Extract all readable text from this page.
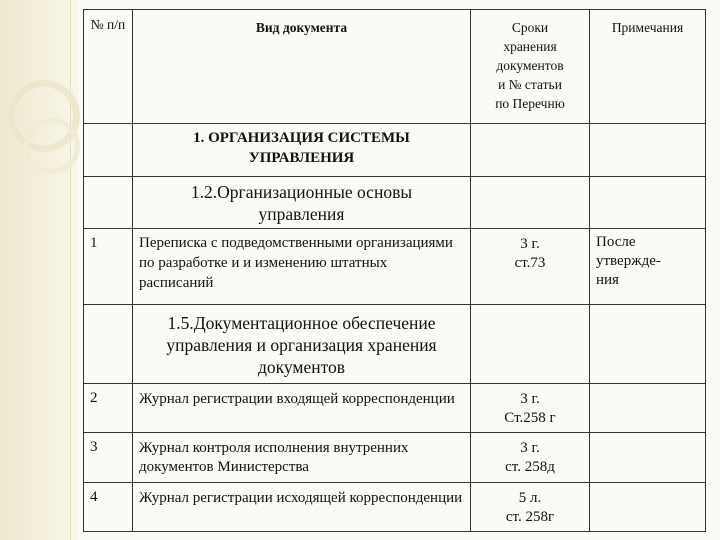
№ п/п	Вид документа	Сроки
хранения
документов
и № статьи
по Перечню	Примечания

	1. ОРГАНИЗАЦИЯ СИСТЕМЫ
УПРАВЛЕНИЯ		

	1.2.Организационные основы
управления		

1	Переписка с подведомственными организациями по разработке и и изменению штатных расписаний	3 г.
ст.73	После
утвержде-
ния

	1.5.Документационное обеспечение
управления и организация хранения
документов		

2	Журнал регистрации входящей корреспонденции	3 г.
Ст.258 г	

3	Журнал контроля исполнения внутренних документов Министерства	3 г.
ст. 258д	

4	Журнал регистрации исходящей корреспонденции	5 л.
ст. 258г	
